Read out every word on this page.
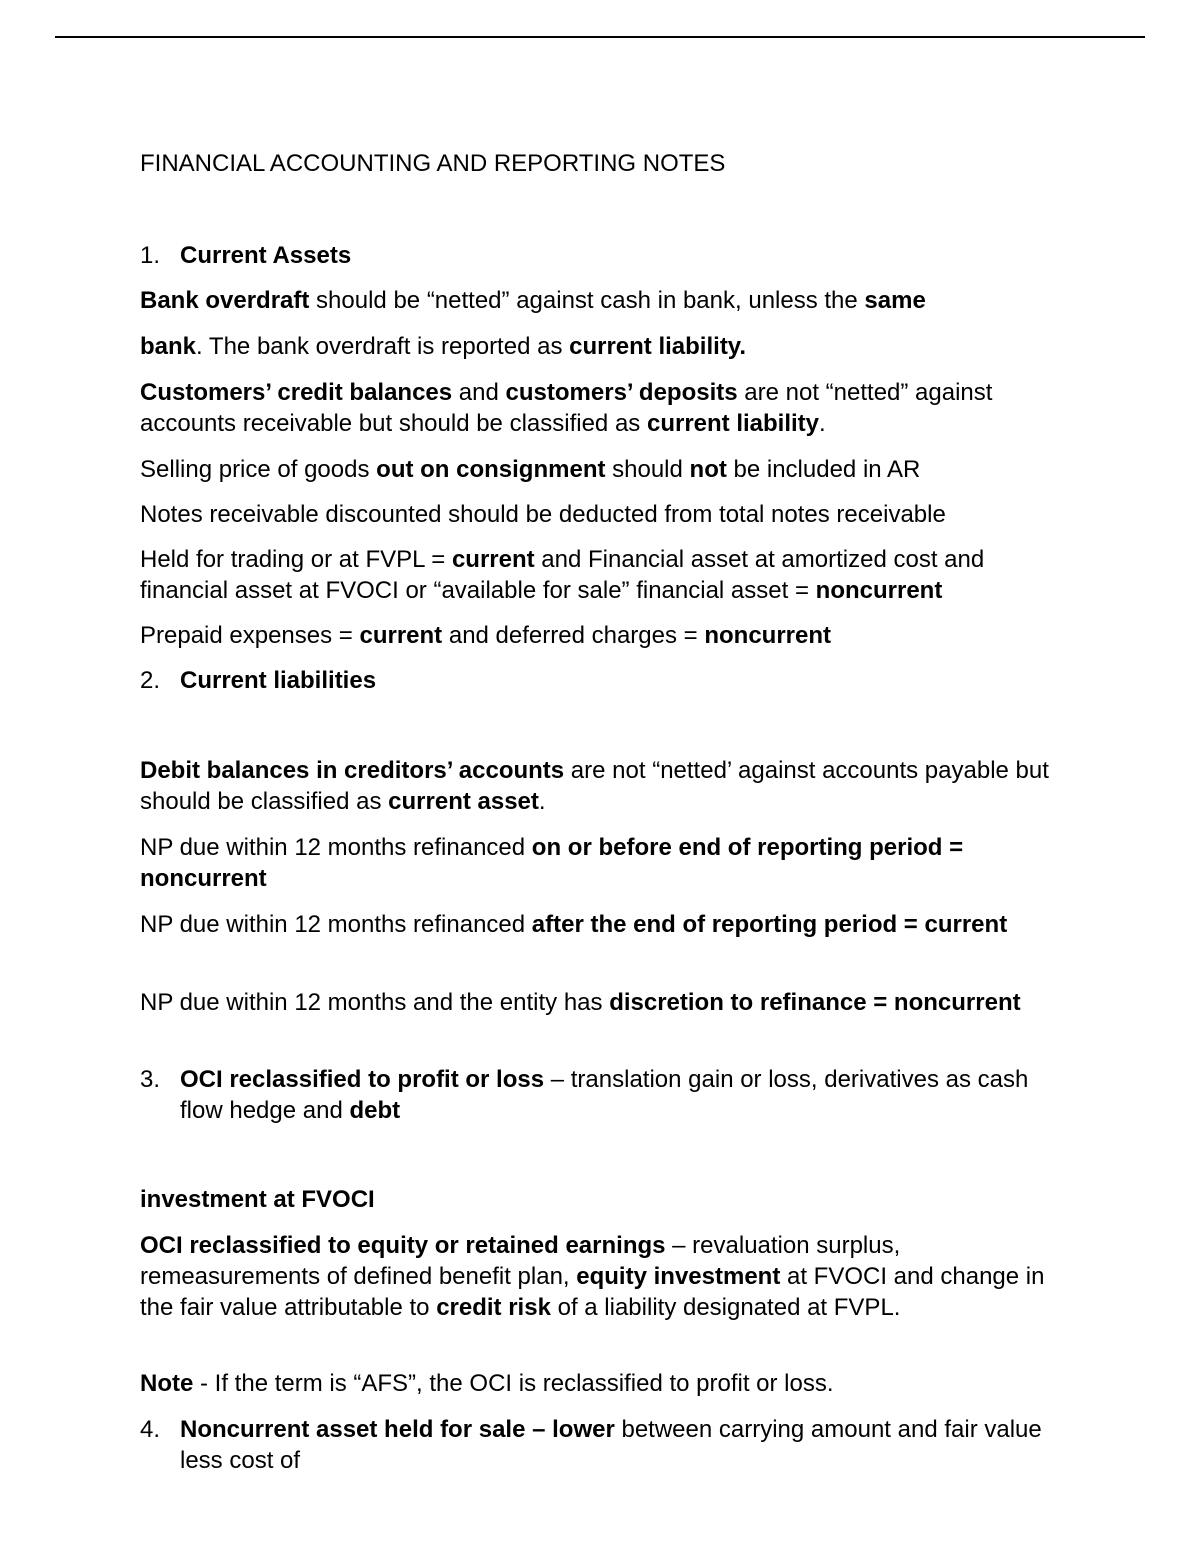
FINANCIAL ACCOUNTING AND REPORTING NOTES

1. Current Assets

Bank overdraft should be “netted” against cash in bank, unless the same

bank. The bank overdraft is reported as current liability.

Customers’ credit balances and customers’ deposits are not “netted” against accounts receivable but should be classified as current liability.

Selling price of goods out on consignment should not be included in AR

Notes receivable discounted should be deducted from total notes receivable

Held for trading or at FVPL = current and Financial asset at amortized cost and financial asset at FVOCI or “available for sale” financial asset = noncurrent

Prepaid expenses = current and deferred charges = noncurrent

2. Current liabilities

Debit balances in creditors’ accounts are not “netted’ against accounts payable but should be classified as current asset.

NP due within 12 months refinanced on or before end of reporting period = noncurrent

NP due within 12 months refinanced after the end of reporting period = current

NP due within 12 months and the entity has discretion to refinance = noncurrent

3. OCI reclassified to profit or loss – translation gain or loss, derivatives as cash flow hedge and debt

investment at FVOCI

OCI reclassified to equity or retained earnings – revaluation surplus, remeasurements of defined benefit plan, equity investment at FVOCI and change in the fair value attributable to credit risk of a liability designated at FVPL.

Note - If the term is “AFS”, the OCI is reclassified to profit or loss.

4. Noncurrent asset held for sale – lower between carrying amount and fair value less cost of
